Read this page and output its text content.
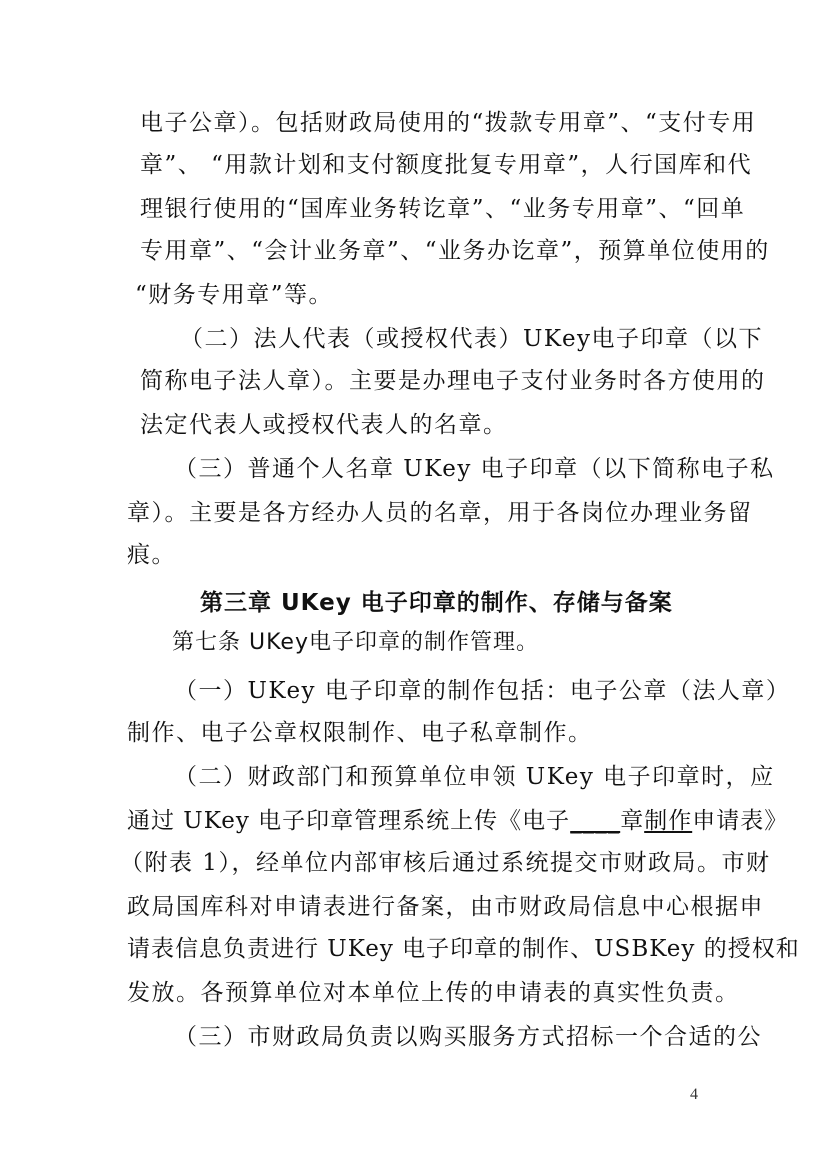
电子公章）。包括财政局使用的“拨款专用章”、“支付专用
章”、 “用款计划和支付额度批复专用章”，人行国库和代
理银行使用的“国库业务转讫章”、“业务专用章”、“回单
专用章”、“会计业务章”、“业务办讫章”，预算单位使用的
“财务专用章”等。
（二）法人代表（或授权代表）UKey电子印章（以下
简称电子法人章）。主要是办理电子支付业务时各方使用的
法定代表人或授权代表人的名章。
（三）普通个人名章 UKey 电子印章（以下简称电子私
章）。主要是各方经办人员的名章，用于各岗位办理业务留
痕。
第三章 UKey 电子印章的制作、存储与备案
第七条 UKey电子印章的制作管理。
（一）UKey 电子印章的制作包括：电子公章（法人章）
制作、电子公章权限制作、电子私章制作。
（二）财政部门和预算单位申领 UKey 电子印章时，应
通过 UKey 电子印章管理系统上传《电子____章制作申请表》
（附表 1），经单位内部审核后通过系统提交市财政局。市财
政局国库科对申请表进行备案，由市财政局信息中心根据申
请表信息负责进行 UKey 电子印章的制作、USBKey 的授权和
发放。各预算单位对本单位上传的申请表的真实性负责。
（三）市财政局负责以购买服务方式招标一个合适的公
4
